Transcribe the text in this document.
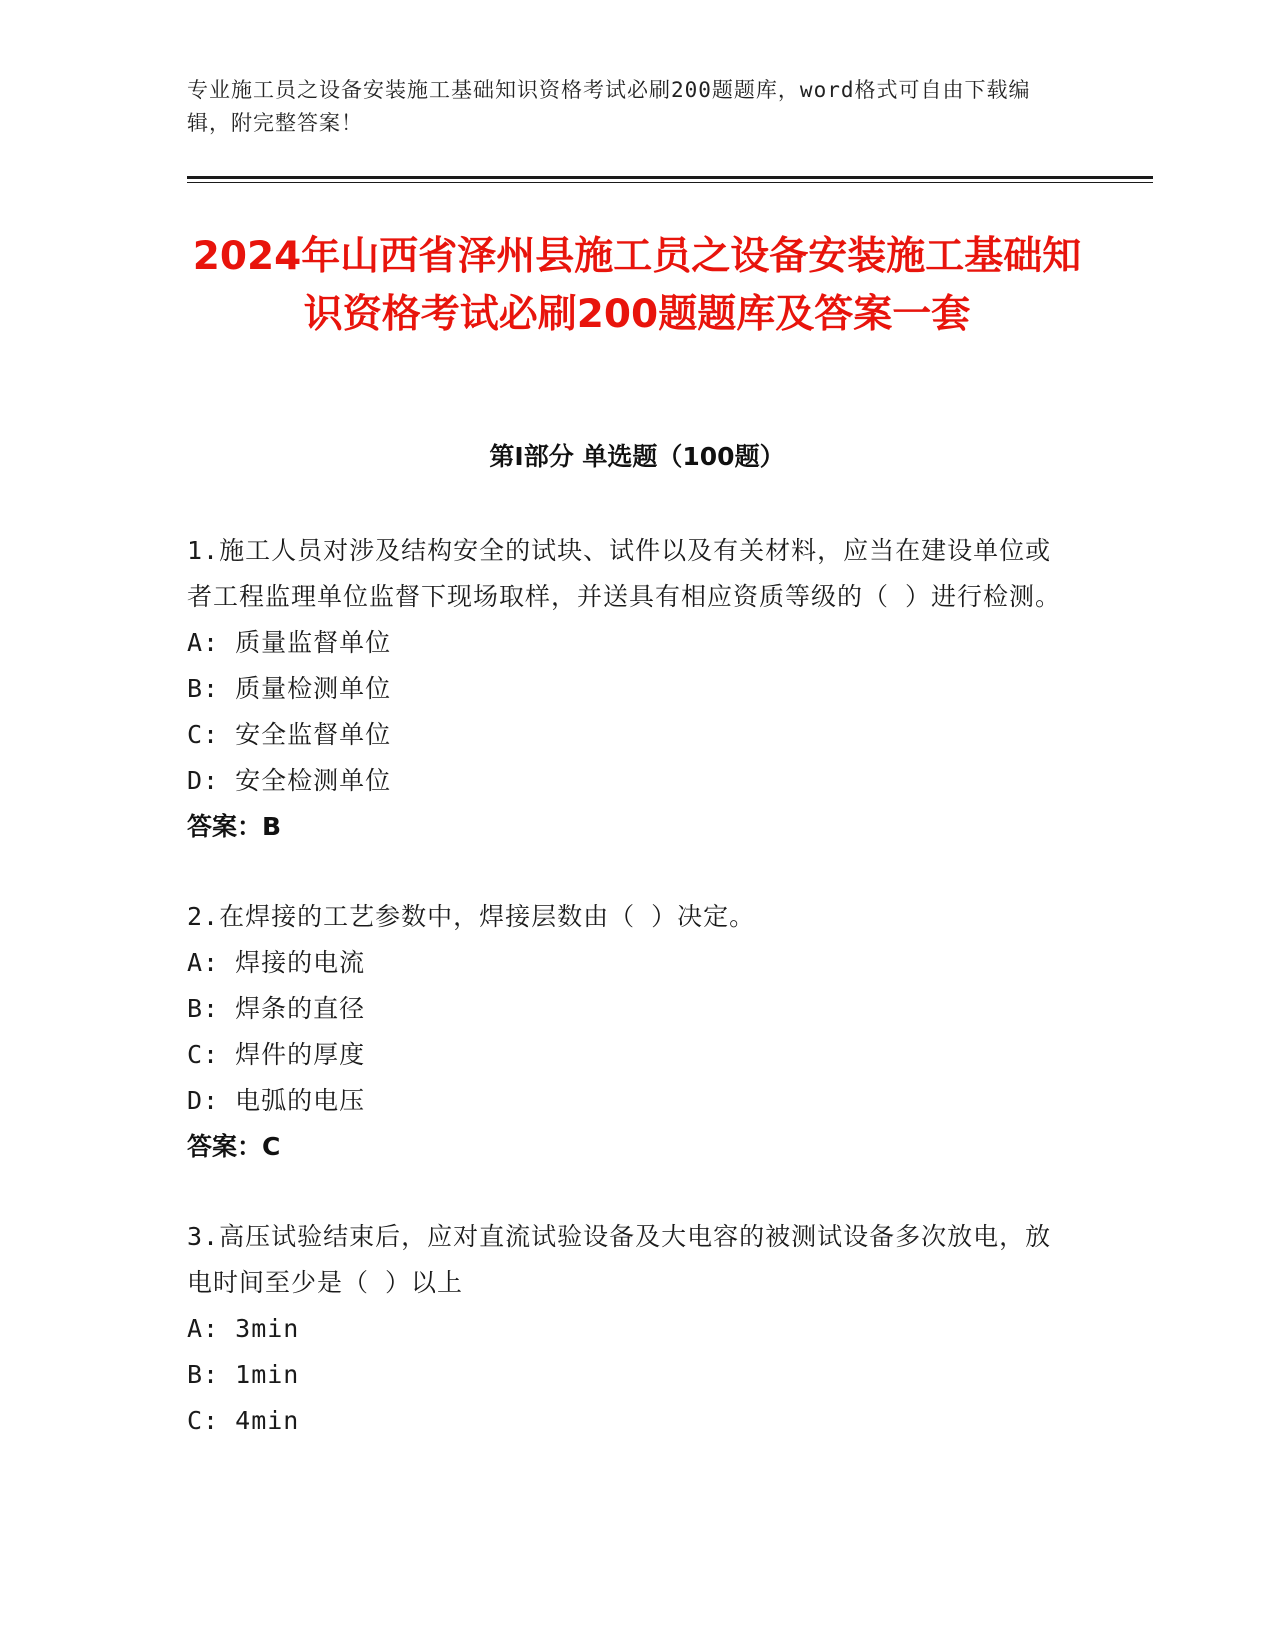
专业施工员之设备安装施工基础知识资格考试必刷200题题库，word格式可自由下载编辑，附完整答案！
2024年山西省泽州县施工员之设备安装施工基础知识资格考试必刷200题题库及答案一套
第I部分 单选题（100题）
1.施工人员对涉及结构安全的试块、试件以及有关材料，应当在建设单位或者工程监理单位监督下现场取样，并送具有相应资质等级的（ ）进行检测。
A: 质量监督单位
B: 质量检测单位
C: 安全监督单位
D: 安全检测单位
答案：B
2.在焊接的工艺参数中，焊接层数由（ ）决定。
A: 焊接的电流
B: 焊条的直径
C: 焊件的厚度
D: 电弧的电压
答案：C
3.高压试验结束后，应对直流试验设备及大电容的被测试设备多次放电，放电时间至少是（ ）以上
A: 3min
B: 1min
C: 4min
